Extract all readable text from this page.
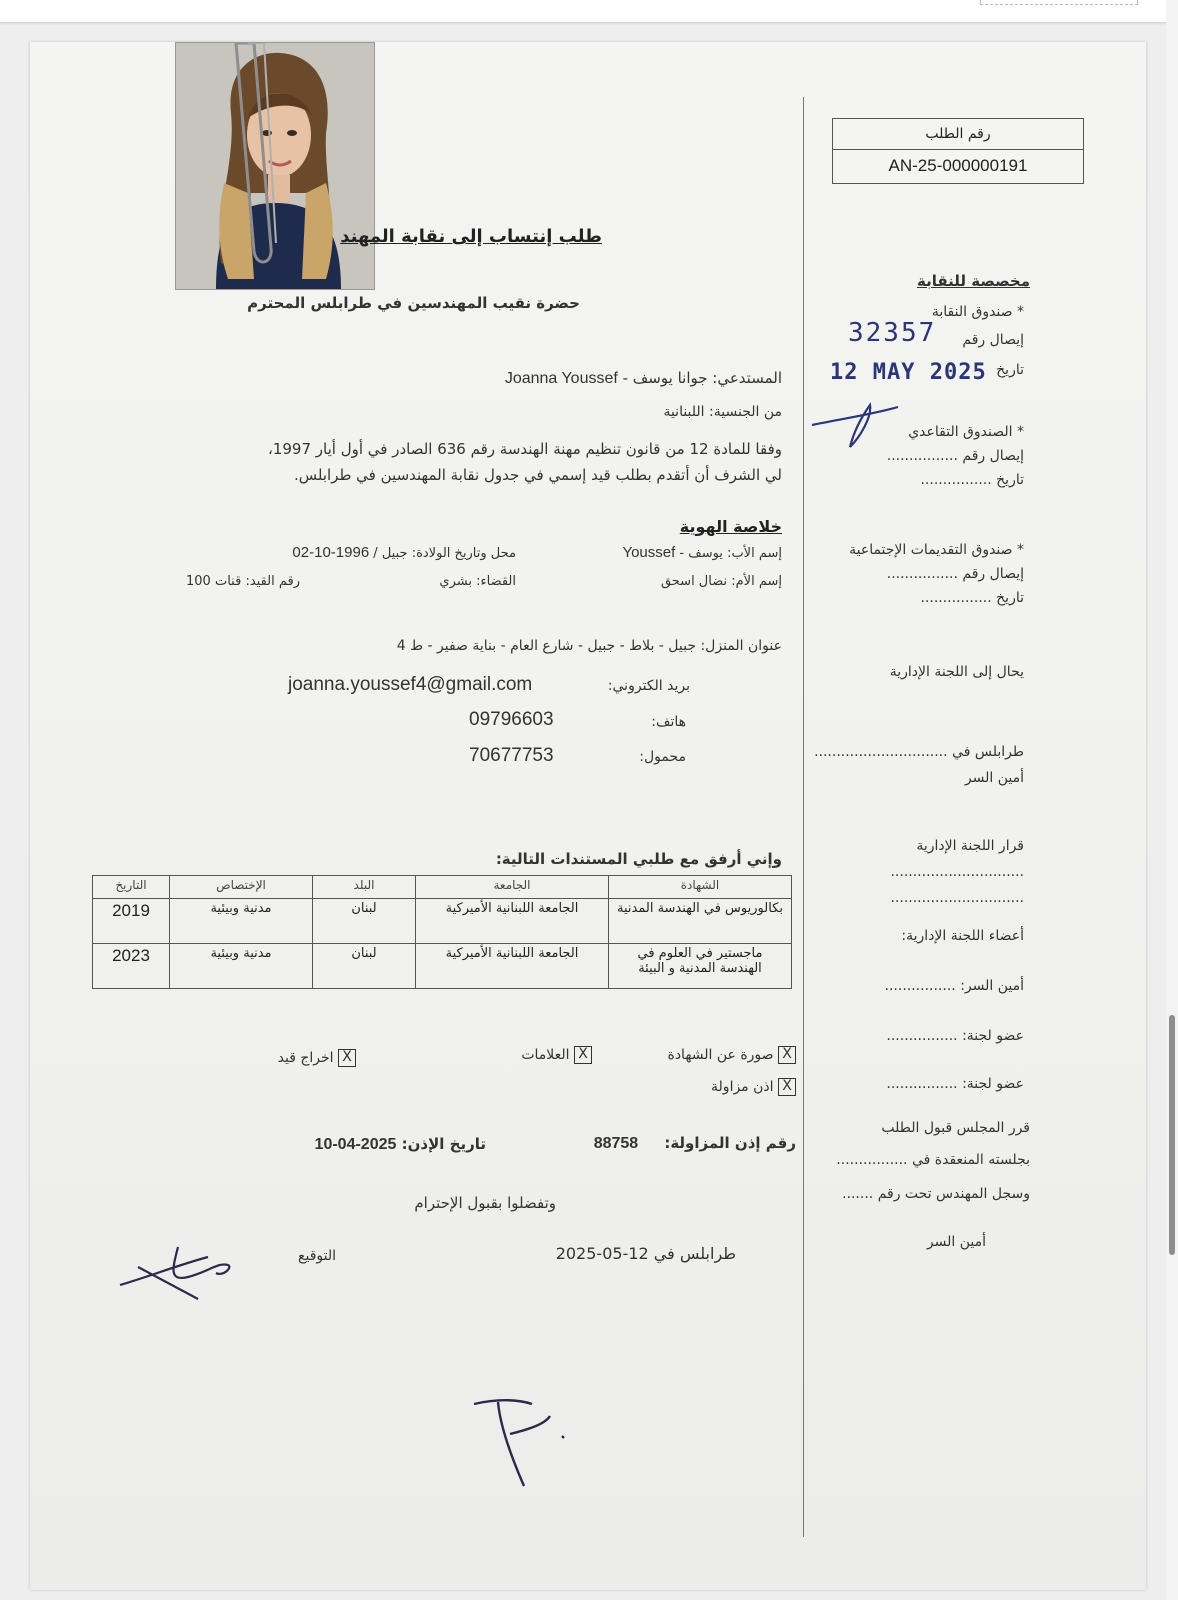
رقم الطلب
AN-25-000000191
طلب إنتساب إلى نقابة المهند
حضرة نقيب المهندسين في طرابلس المحترم
المستدعي: جوانا يوسف - Joanna Youssef
من الجنسية: اللبنانية
وفقا للمادة 12 من قانون تنظيم مهنة الهندسة رقم 636 الصادر في أول أيار 1997،
لي الشرف أن أتقدم بطلب قيد إسمي في جدول نقابة المهندسين في طرابلس.
خلاصة الهوية
إسم الأب: يوسف - Youssef
محل وتاريخ الولادة: جبيل / 1996-10-02
إسم الأم: نضال اسحق
القضاء: بشري
رقم القيد: قنات 100
عنوان المنزل: جبيل - بلاط - جبيل - شارع العام - بناية صفير - ط 4
بريد الكتروني:
joanna.youssef4@gmail.com
هاتف:
09796603
محمول:
70677753
وإني أرفق مع طلبي المستندات التالية:
الشهادة	الجامعة	البلد	الإختصاص	التاريخ
بكالوريوس في الهندسة المدنية	الجامعة اللبنانية الأميركية	لبنان	مدنية وبيئية	2019
ماجستير في العلوم في الهندسة المدنية و البيئة	الجامعة اللبنانية الأميركية	لبنان	مدنية وبيئية	2023
X صورة عن الشهادة
X العلامات
X اخراج قيد
X اذن مزاولة
رقم إذن المزاولة:     88758
تاريخ الإذن: 2025-04-10
وتفضلوا بقبول الإحترام
طرابلس في 12-05-2025
التوقيع
مخصصة للنقابة
* صندوق النقابة
إيصال رقم
32357
تاريخ
12 MAY 2025
* الصندوق التقاعدي
إيصال رقم ................
تاريخ ................
* صندوق التقديمات الإجتماعية
إيصال رقم ................
تاريخ ................
يحال إلى اللجنة الإدارية
طرابلس في ..............................
أمين السر
قرار اللجنة الإدارية
..............................
..............................
أعضاء اللجنة الإدارية:
أمين السر: ................
عضو لجنة: ................
عضو لجنة: ................
قرر المجلس قبول الطلب
بجلسته المنعقدة في ................
وسجل المهندس تحت رقم .......
أمين السر
